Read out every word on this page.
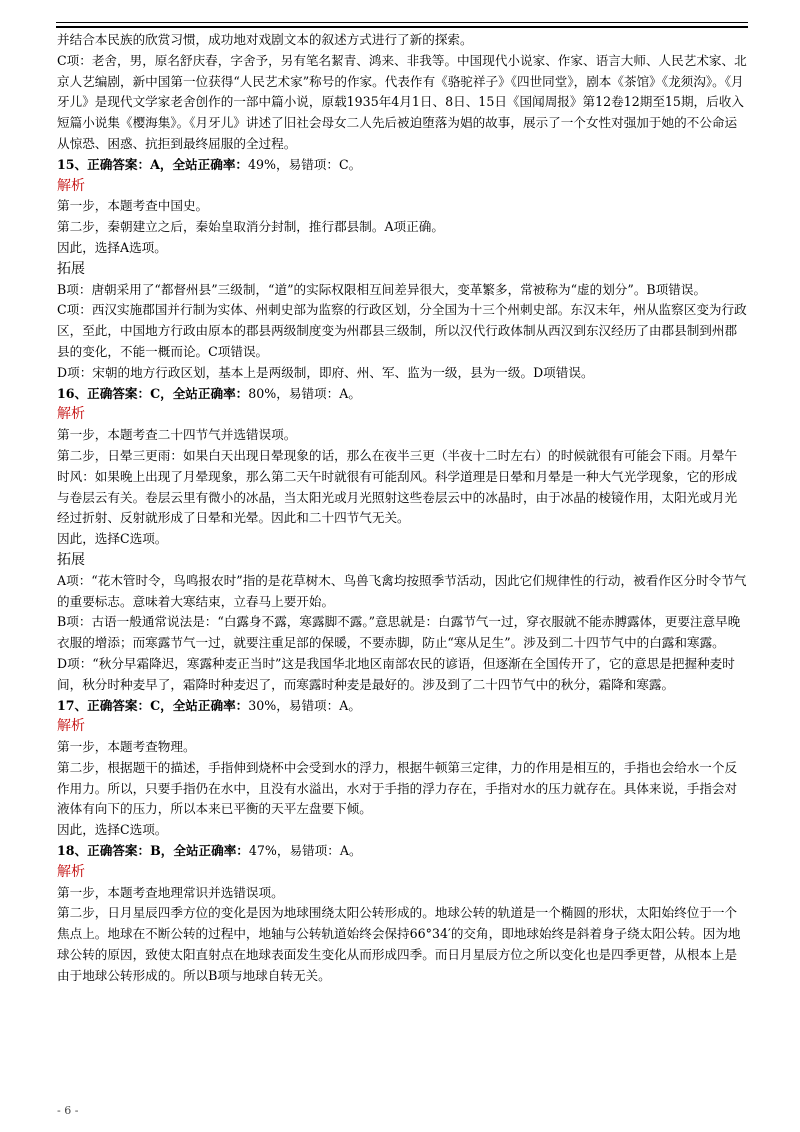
并结合本民族的欣赏习惯，成功地对戏剧文本的叙述方式进行了新的探索。

C项：老舍，男，原名舒庆春，字舍予，另有笔名絜青、鸿来、非我等。中国现代小说家、作家、语言大师、人民艺术家、北京人艺编剧，新中国第一位获得“人民艺术家”称号的作家。代表作有《骆驼祥子》《四世同堂》，剧本《茶馆》《龙须沟》。《月牙儿》是现代文学家老舍创作的一部中篇小说，原载1935年4月1日、8日、15日《国闻周报》第12卷12期至15期，后收入短篇小说集《樱海集》。《月牙儿》讲述了旧社会母女二人先后被迫堕落为娼的故事，展示了一个女性对强加于她的不公命运从惊恐、困惑、抗拒到最终屈服的全过程。

15、正确答案：A，全站正确率：49%，易错项：C。

解析

第一步，本题考查中国史。

第二步，秦朝建立之后，秦始皇取消分封制，推行郡县制。A项正确。

因此，选择A选项。

拓展

B项：唐朝采用了“都督州县”三级制，“道”的实际权限相互间差异很大，变革繁多，常被称为“虚的划分”。B项错误。

C项：西汉实施郡国并行制为实体、州刺史部为监察的行政区划，分全国为十三个州刺史部。东汉末年，州从监察区变为行政区，至此，中国地方行政由原本的郡县两级制度变为州郡县三级制，所以汉代行政体制从西汉到东汉经历了由郡县制到州郡县的变化，不能一概而论。C项错误。

D项：宋朝的地方行政区划，基本上是两级制，即府、州、军、监为一级，县为一级。D项错误。

16、正确答案：C，全站正确率：80%，易错项：A。

解析

第一步，本题考查二十四节气并选错误项。

第二步，日晕三更雨：如果白天出现日晕现象的话，那么在夜半三更（半夜十二时左右）的时候就很有可能会下雨。月晕午时风：如果晚上出现了月晕现象，那么第二天午时就很有可能刮风。科学道理是日晕和月晕是一种大气光学现象，它的形成与卷层云有关。卷层云里有微小的冰晶，当太阳光或月光照射这些卷层云中的冰晶时，由于冰晶的棱镜作用，太阳光或月光经过折射、反射就形成了日晕和光晕。因此和二十四节气无关。

因此，选择C选项。

拓展

A项：“花木管时令，鸟鸣报农时”指的是花草树木、鸟兽飞禽均按照季节活动，因此它们规律性的行动，被看作区分时令节气的重要标志。意味着大寒结束，立春马上要开始。

B项：古语一般通常说法是：“白露身不露，寒露脚不露。”意思就是：白露节气一过，穿衣服就不能赤膊露体，更要注意早晚衣服的增添；而寒露节气一过，就要注重足部的保暖，不要赤脚，防止“寒从足生”。涉及到二十四节气中的白露和寒露。

D项：“秋分早霜降迟，寒露种麦正当时”这是我国华北地区南部农民的谚语，但逐渐在全国传开了，它的意思是把握种麦时间，秋分时种麦早了，霜降时种麦迟了，而寒露时种麦是最好的。涉及到了二十四节气中的秋分，霜降和寒露。

17、正确答案：C，全站正确率：30%，易错项：A。

解析

第一步，本题考查物理。

第二步，根据题干的描述，手指伸到烧杯中会受到水的浮力，根据牛顿第三定律，力的作用是相互的，手指也会给水一个反作用力。所以，只要手指仍在水中，且没有水溢出，水对于手指的浮力存在，手指对水的压力就存在。具体来说，手指会对液体有向下的压力，所以本来已平衡的天平左盘要下倾。

因此，选择C选项。

18、正确答案：B，全站正确率：47%，易错项：A。

解析

第一步，本题考查地理常识并选错误项。

第二步，日月星辰四季方位的变化是因为地球围绕太阳公转形成的。地球公转的轨道是一个椭圆的形状，太阳始终位于一个焦点上。地球在不断公转的过程中，地轴与公转轨道始终会保持66°34′的交角，即地球始终是斜着身子绕太阳公转。因为地球公转的原因，致使太阳直射点在地球表面发生变化从而形成四季。而日月星辰方位之所以变化也是四季更替，从根本上是由于地球公转形成的。所以B项与地球自转无关。

- 6 -
